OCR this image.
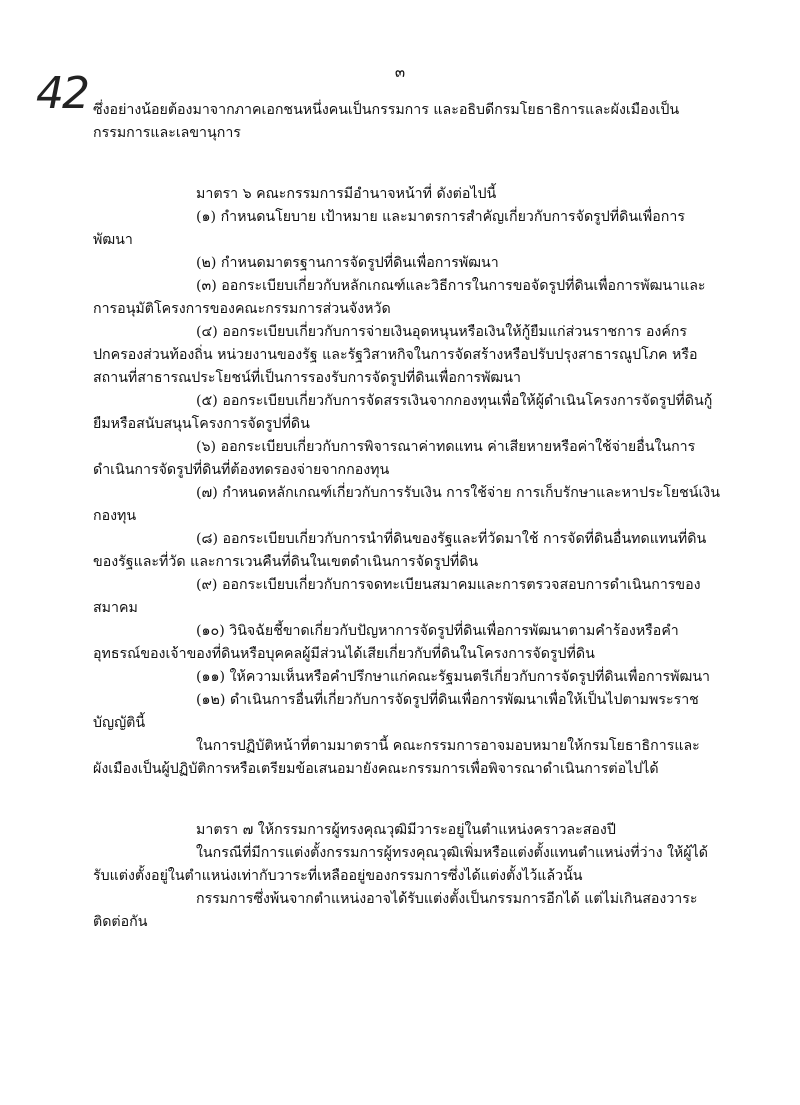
๓
42 ซึ่งอย่างน้อยต้องมาจากภาคเอกชนหนึ่งคนเป็นกรรมการ และอธิบดีกรมโยธาธิการและผังเมืองเป็นกรรมการและเลขานุการ

มาตรา ๖ คณะกรรมการมีอำนาจหน้าที่ ดังต่อไปนี้

(๑) กำหนดนโยบาย เป้าหมาย และมาตรการสำคัญเกี่ยวกับการจัดรูปที่ดินเพื่อการพัฒนา

(๒) กำหนดมาตรฐานการจัดรูปที่ดินเพื่อการพัฒนา

(๓) ออกระเบียบเกี่ยวกับหลักเกณฑ์และวิธีการในการขอจัดรูปที่ดินเพื่อการพัฒนาและการอนุมัติโครงการของคณะกรรมการส่วนจังหวัด

(๔) ออกระเบียบเกี่ยวกับการจ่ายเงินอุดหนุนหรือเงินให้กู้ยืมแก่ส่วนราชการ องค์กรปกครองส่วนท้องถิ่น หน่วยงานของรัฐ และรัฐวิสาหกิจในการจัดสร้างหรือปรับปรุงสาธารณูปโภค หรือสถานที่สาธารณประโยชน์ที่เป็นการรองรับการจัดรูปที่ดินเพื่อการพัฒนา

(๕) ออกระเบียบเกี่ยวกับการจัดสรรเงินจากกองทุนเพื่อให้ผู้ดำเนินโครงการจัดรูปที่ดินกู้ยืมหรือสนับสนุนโครงการจัดรูปที่ดิน

(๖) ออกระเบียบเกี่ยวกับการพิจารณาค่าทดแทน ค่าเสียหายหรือค่าใช้จ่ายอื่นในการดำเนินการจัดรูปที่ดินที่ต้องทดรองจ่ายจากกองทุน

(๗) กำหนดหลักเกณฑ์เกี่ยวกับการรับเงิน การใช้จ่าย การเก็บรักษาและหาประโยชน์เงินกองทุน

(๘) ออกระเบียบเกี่ยวกับการนำที่ดินของรัฐและที่วัดมาใช้ การจัดที่ดินอื่นทดแทนที่ดินของรัฐและที่วัด และการเวนคืนที่ดินในเขตดำเนินการจัดรูปที่ดิน

(๙) ออกระเบียบเกี่ยวกับการจดทะเบียนสมาคมและการตรวจสอบการดำเนินการของสมาคม

(๑๐) วินิจฉัยชี้ขาดเกี่ยวกับปัญหาการจัดรูปที่ดินเพื่อการพัฒนาตามคำร้องหรือคำอุทธรณ์ของเจ้าของที่ดินหรือบุคคลผู้มีส่วนได้เสียเกี่ยวกับที่ดินในโครงการจัดรูปที่ดิน

(๑๑) ให้ความเห็นหรือคำปรึกษาแก่คณะรัฐมนตรีเกี่ยวกับการจัดรูปที่ดินเพื่อการพัฒนา

(๑๒) ดำเนินการอื่นที่เกี่ยวกับการจัดรูปที่ดินเพื่อการพัฒนาเพื่อให้เป็นไปตามพระราชบัญญัตินี้

ในการปฏิบัติหน้าที่ตามมาตรานี้ คณะกรรมการอาจมอบหมายให้กรมโยธาธิการและผังเมืองเป็นผู้ปฏิบัติการหรือเตรียมข้อเสนอมายังคณะกรรมการเพื่อพิจารณาดำเนินการต่อไปได้

มาตรา ๗ ให้กรรมการผู้ทรงคุณวุฒิมีวาระอยู่ในตำแหน่งคราวละสองปี

ในกรณีที่มีการแต่งตั้งกรรมการผู้ทรงคุณวุฒิเพิ่มหรือแต่งตั้งแทนตำแหน่งที่ว่าง ให้ผู้ได้รับแต่งตั้งอยู่ในตำแหน่งเท่ากับวาระที่เหลืออยู่ของกรรมการซึ่งได้แต่งตั้งไว้แล้วนั้น

กรรมการซึ่งพ้นจากตำแหน่งอาจได้รับแต่งตั้งเป็นกรรมการอีกได้ แต่ไม่เกินสองวาระติดต่อกัน
